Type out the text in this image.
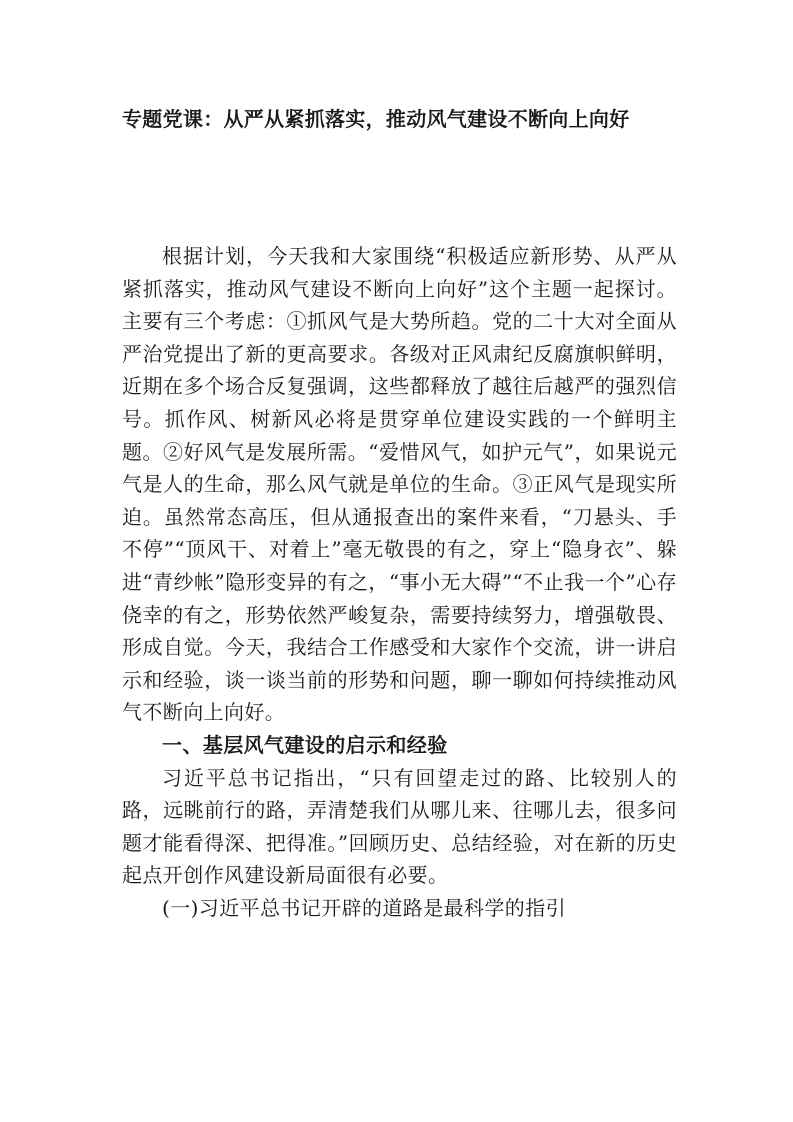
专题党课：从严从紧抓落实，推动风气建设不断向上向好

根据计划，今天我和大家围绕“积极适应新形势、从严从紧抓落实，推动风气建设不断向上向好”这个主题一起探讨。主要有三个考虑：①抓风气是大势所趋。党的二十大对全面从严治党提出了新的更高要求。各级对正风肃纪反腐旗帜鲜明，近期在多个场合反复强调，这些都释放了越往后越严的强烈信号。抓作风、树新风必将是贯穿单位建设实践的一个鲜明主题。②好风气是发展所需。“爱惜风气，如护元气”，如果说元气是人的生命，那么风气就是单位的生命。③正风气是现实所迫。虽然常态高压，但从通报查出的案件来看，“刀悬头、手不停”“顶风干、对着上”毫无敬畏的有之，穿上“隐身衣”、躲进“青纱帐”隐形变异的有之，“事小无大碍”“不止我一个”心存侥幸的有之，形势依然严峻复杂，需要持续努力，增强敬畏、形成自觉。今天，我结合工作感受和大家作个交流，讲一讲启示和经验，谈一谈当前的形势和问题，聊一聊如何持续推动风气不断向上向好。

一、基层风气建设的启示和经验

习近平总书记指出，“只有回望走过的路、比较别人的路，远眺前行的路，弄清楚我们从哪儿来、往哪儿去，很多问题才能看得深、把得准。”回顾历史、总结经验，对在新的历史起点开创作风建设新局面很有必要。

(一)习近平总书记开辟的道路是最科学的指引
